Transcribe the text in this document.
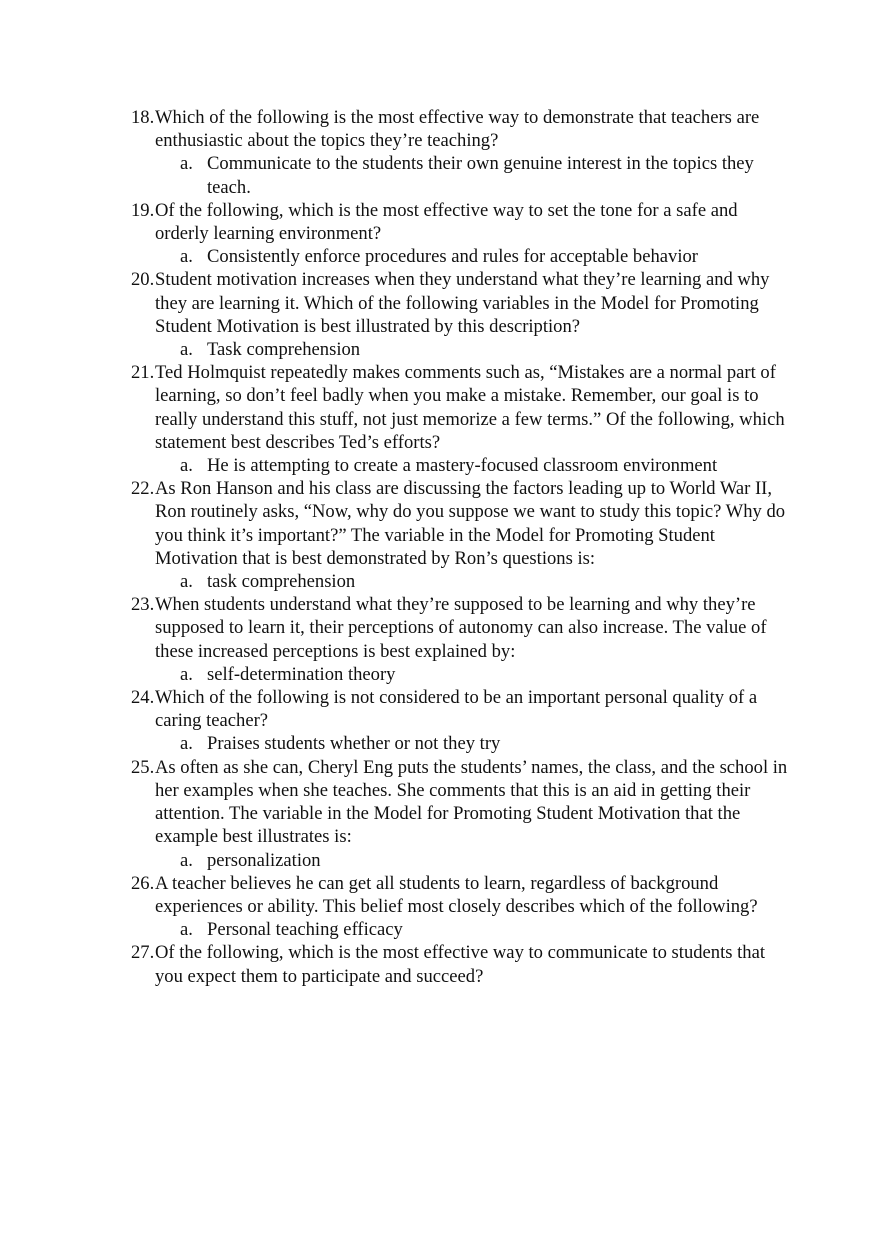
18. Which of the following is the most effective way to demonstrate that teachers are enthusiastic about the topics they’re teaching?

a. Communicate to the students their own genuine interest in the topics they teach.
19. Of the following, which is the most effective way to set the tone for a safe and orderly learning environment?

a. Consistently enforce procedures and rules for acceptable behavior
20. Student motivation increases when they understand what they’re learning and why they are learning it. Which of the following variables in the Model for Promoting Student Motivation is best illustrated by this description?

a. Task comprehension
21. Ted Holmquist repeatedly makes comments such as, “Mistakes are a normal part of learning, so don’t feel badly when you make a mistake. Remember, our goal is to really understand this stuff, not just memorize a few terms.” Of the following, which statement best describes Ted’s efforts?

a. He is attempting to create a mastery-focused classroom environment
22. As Ron Hanson and his class are discussing the factors leading up to World War II, Ron routinely asks, “Now, why do you suppose we want to study this topic? Why do you think it’s important?” The variable in the Model for Promoting Student Motivation that is best demonstrated by Ron’s questions is:

a. task comprehension
23. When students understand what they’re supposed to be learning and why they’re supposed to learn it, their perceptions of autonomy can also increase. The value of these increased perceptions is best explained by:

a. self-determination theory
24. Which of the following is not considered to be an important personal quality of a caring teacher?

a. Praises students whether or not they try
25. As often as she can, Cheryl Eng puts the students’ names, the class, and the school in her examples when she teaches. She comments that this is an aid in getting their attention. The variable in the Model for Promoting Student Motivation that the example best illustrates is:

a. personalization
26. A teacher believes he can get all students to learn, regardless of background experiences or ability. This belief most closely describes which of the following?

a. Personal teaching efficacy
27. Of the following, which is the most effective way to communicate to students that you expect them to participate and succeed?
